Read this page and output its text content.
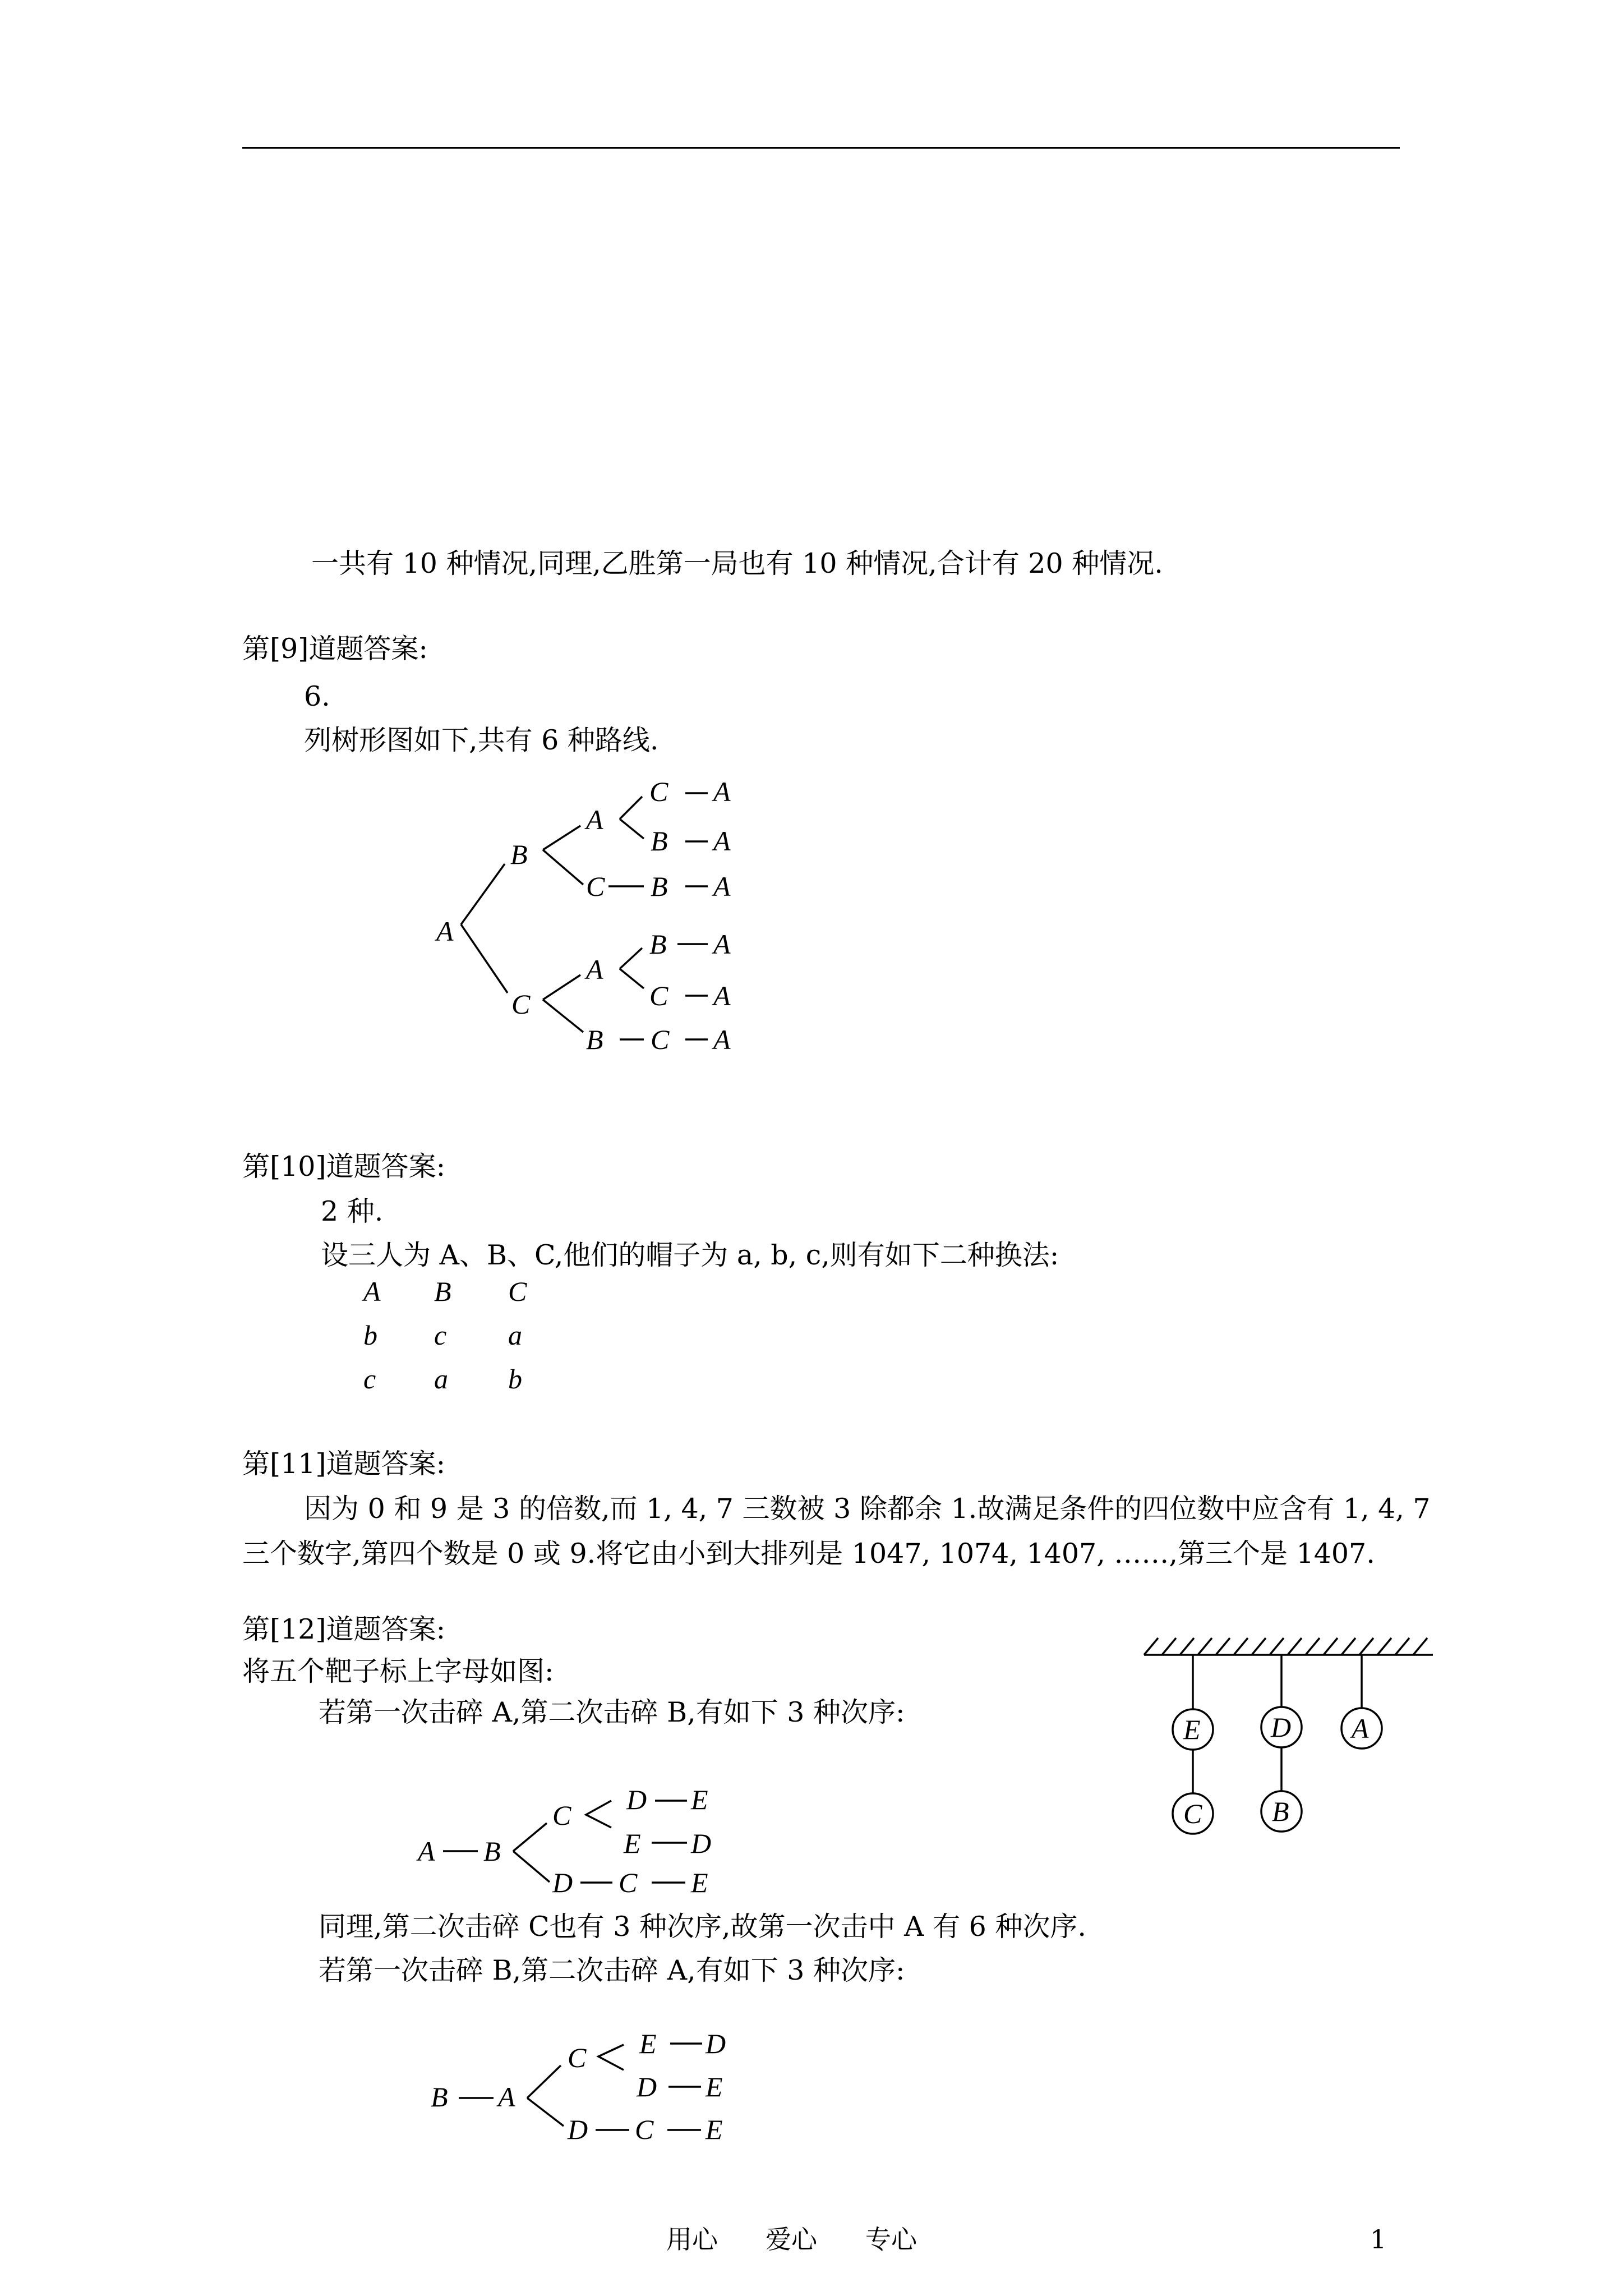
一共有 10 种情况,同理,乙胜第一局也有 10 种情况,合计有 20 种情况.
第[9]道题答案:
6.
列树形图如下,共有 6 种路线.
A
B
A
C A
B A
C B A
C
A
B A
C A
B C A
A B
C D E
E D
D C E
B A
C E D
D E
D C E
E	D A
C B
第[10]道题答案:
2 种.
设三人为 A、B、C,他们的帽子为 a, b, c,则有如下二种换法:
A B C
b c a
c a b
第[11]道题答案:
因为 0 和 9 是 3 的倍数,而 1, 4, 7 三数被 3 除都余 1.故满足条件的四位数中应含有 1, 4, 7
三个数字,第四个数是 0 或 9.将它由小到大排列是 1047, 1074, 1407, ……,第三个是 1407.
第[12]道题答案:
将五个靶子标上字母如图:
若第一次击碎 A,第二次击碎 B,有如下 3 种次序:
同理,第二次击碎 C也有 3 种次序,故第一次击中 A 有 6 种次序.
若第一次击碎 B,第二次击碎 A,有如下 3 种次序:
用心 爱心 专心	1
